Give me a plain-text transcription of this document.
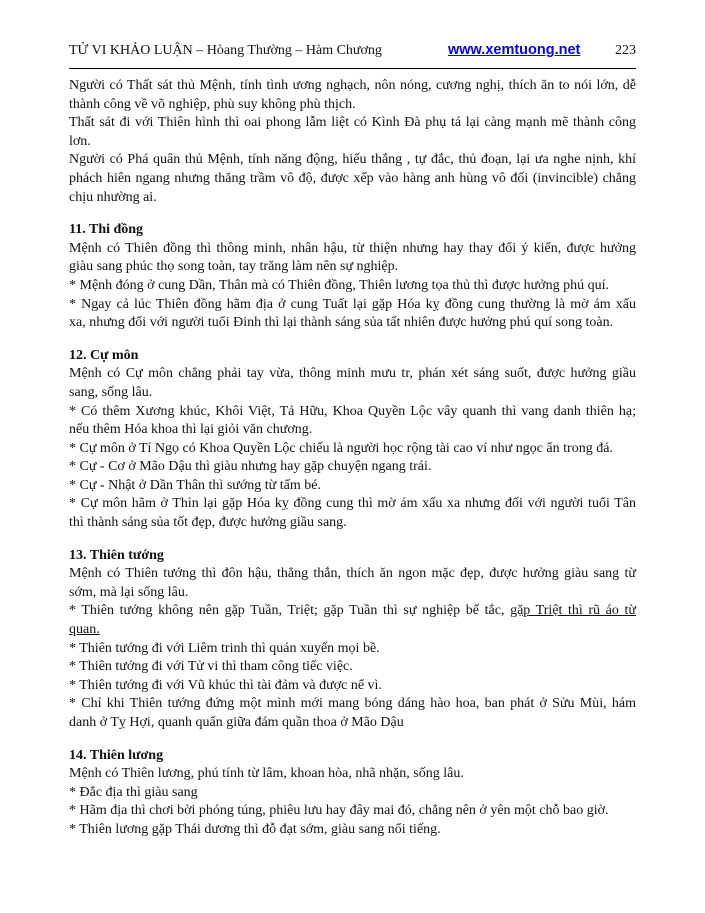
TỬ VI KHẢO LUẬN – Hòang Thường – Hàm Chương	www.xemtuong.net 223
Người có Thất sát thủ Mệnh, tính tình ương nghạch, nôn nóng, cương nghị, thích ăn to nói lớn, dễ
thành công về võ nghiệp, phù suy không phù thịch.
Thất sát đi với Thiên hình thì oai phong lẫm liệt có Kình Đà phụ tá lại càng mạnh mẽ thành công
lơn.
Người có Phá quân thủ Mệnh, tính năng động, hiếu thắng , tự đắc, thủ đoạn, lại ưa nghe nịnh, khí
phách hiên ngang nhưng thăng trầm vô độ, được xếp vào hàng anh hùng vô đối (invincible) chẳng
chịu nhường ai.
11. Thi đồng
Mệnh có Thiên đồng thì thông minh, nhân hậu, từ thiện nhưng hay thay đổi ý kiến, được hưởng
giàu sang phúc thọ song toàn, tay trăng làm nên sự nghiệp.
* Mệnh đóng ở cung Dần, Thân mà có Thiên đồng, Thiên lương tọa thủ thì được hưởng phú quí.
* Ngay cả lúc Thiên đồng hãm địa ở cung Tuất lại gặp Hóa kỵ đồng cung thường là mờ ám xấu
xa, nhưng đối với người tuổi Đinh thì lại thành sáng sủa tất nhiên được hưởng phú quí song toàn.
12. Cự môn
Mệnh có Cự môn chẳng phải tay vừa, thông minh mưu tr, phán xét sáng suốt, được hưởng giầu
sang, sống lâu.
* Có thêm Xương khúc, Khôi Việt, Tả Hữu, Khoa Quyền Lộc vây quanh thì vang danh thiên hạ;
nếu thêm Hóa khoa thì lại giỏi văn chương.
* Cự môn ở Tí Ngọ có Khoa Quyền Lộc chiếu là người học rộng tài cao ví như ngọc ẩn trong đá.
* Cự - Cơ ở Mão Dậu thì giàu nhưng hay gặp chuyện ngang trái.
* Cự - Nhật ở Dần Thân thì sướng từ tấm bé.
* Cự môn hãm ở Thìn lại gặp Hóa kỵ đồng cung thì mờ ám xấu xa nhưng đối với người tuổi Tân
thì thành sáng sủa tốt đẹp, được hưởng giầu sang.
13. Thiên tướng
Mệnh có Thiên tướng thì đôn hậu, thẳng thắn, thích ăn ngon mặc đẹp, được hưởng giàu sang từ
sớm, mà lại sống lâu.
* Thiên tướng không nên gặp Tuần, Triệt; gặp Tuần thì sự nghiệp bế tắc, gặp Triệt thì rũ áo từ
quan.
* Thiên tướng đi với Liêm trinh thì quán xuyến mọi bề.
* Thiên tướng đi với Tử vi thì tham công tiếc việc.
* Thiên tướng đi với Vũ khúc thì tài đảm và được nể vì.
* Chỉ khi Thiên tướng đứng một mình mới mang bóng dáng hào hoa, ban phát ở Sửu Mùi, hám
danh ở Tỵ Hợi, quanh quẩn giữa đám quần thoa ở Mão Dậu
14. Thiên lương
Mệnh có Thiên lương, phú tính từ lâm, khoan hòa, nhã nhặn, sống lâu.
* Đắc địa thì giàu sang
* Hãm địa thì chơi bời phóng túng, phiêu lưu hay đây mai đó, chẳng nên ở yên một chỗ bao giờ.
* Thiên lương gặp Thái dương thì đỗ đạt sớm, giàu sang nổi tiếng.
